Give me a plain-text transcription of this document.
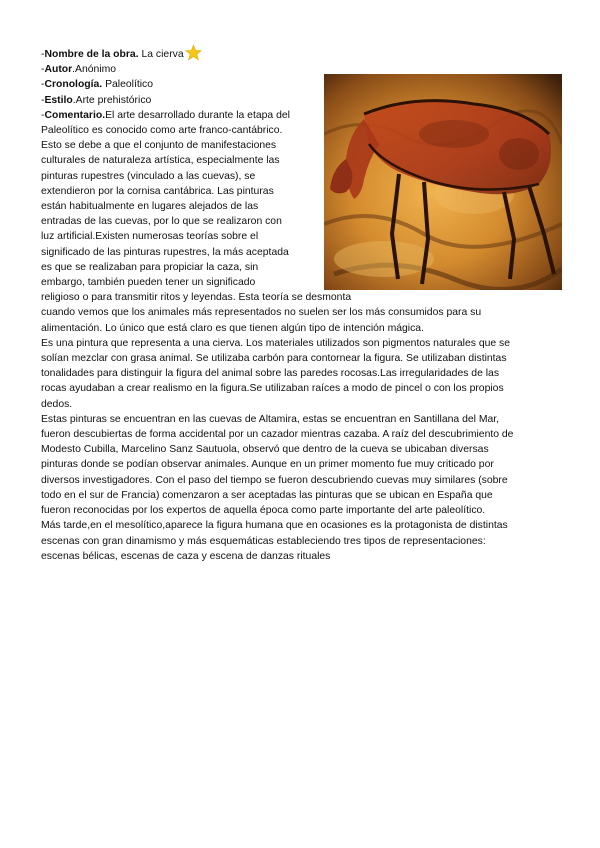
-Nombre de la obra. La cierva
-Autor.Anónimo
-Cronología. Paleolítico
-Estilo.Arte prehistórico
-Comentario.El arte desarrollado durante la etapa del
Paleolítico es conocido como arte franco-cantábrico.
Esto se debe a que el conjunto de manifestaciones
culturales de naturaleza artística, especialmente las
pinturas rupestres (vinculado a las cuevas), se
extendieron por la cornisa cantábrica. Las pinturas
están habitualmente en lugares alejados de las
entradas de las cuevas, por lo que se realizaron con
luz artificial.Existen numerosas teorías sobre el
significado de las pinturas rupestres, la más aceptada
es que se realizaban para propiciar la caza, sin
embargo, también pueden tener un significado
religioso o para transmitir ritos y leyendas. Esta teoría se desmonta
cuando vemos que los animales más representados no suelen ser los más consumidos para su
alimentación. Lo único que está claro es que tienen algún tipo de intención mágica.
Es una pintura que representa a una cierva. Los materiales utilizados son pigmentos naturales que se
solían mezclar con grasa animal. Se utilizaba carbón para contornear la figura. Se utilizaban distintas
tonalidades para distinguir la figura del animal sobre las paredes rocosas.Las irregularidades de las
rocas ayudaban a crear realismo en la figura.Se utilizaban raíces a modo de pincel o con los propios
dedos.
Estas pinturas se encuentran en las cuevas de Altamira, estas se encuentran en Santillana del Mar,
fueron descubiertas de forma accidental por un cazador mientras cazaba. A raíz del descubrimiento de
Modesto Cubilla, Marcelino Sanz Sautuola, observó que dentro de la cueva se ubicaban diversas
pinturas donde se podían observar animales. Aunque en un primer momento fue muy criticado por
diversos investigadores. Con el paso del tiempo se fueron descubriendo cuevas muy similares (sobre
todo en el sur de Francia) comenzaron a ser aceptadas las pinturas que se ubican en España que
fueron reconocidas por los expertos de aquella época como parte importante del arte paleolítico.
Más tarde,en el mesolítico,aparece la figura humana que en ocasiones es la protagonista de distintas
escenas con gran dinamismo y más esquemáticas estableciendo tres tipos de representaciones:
escenas bélicas, escenas de caza y escena de danzas rituales
